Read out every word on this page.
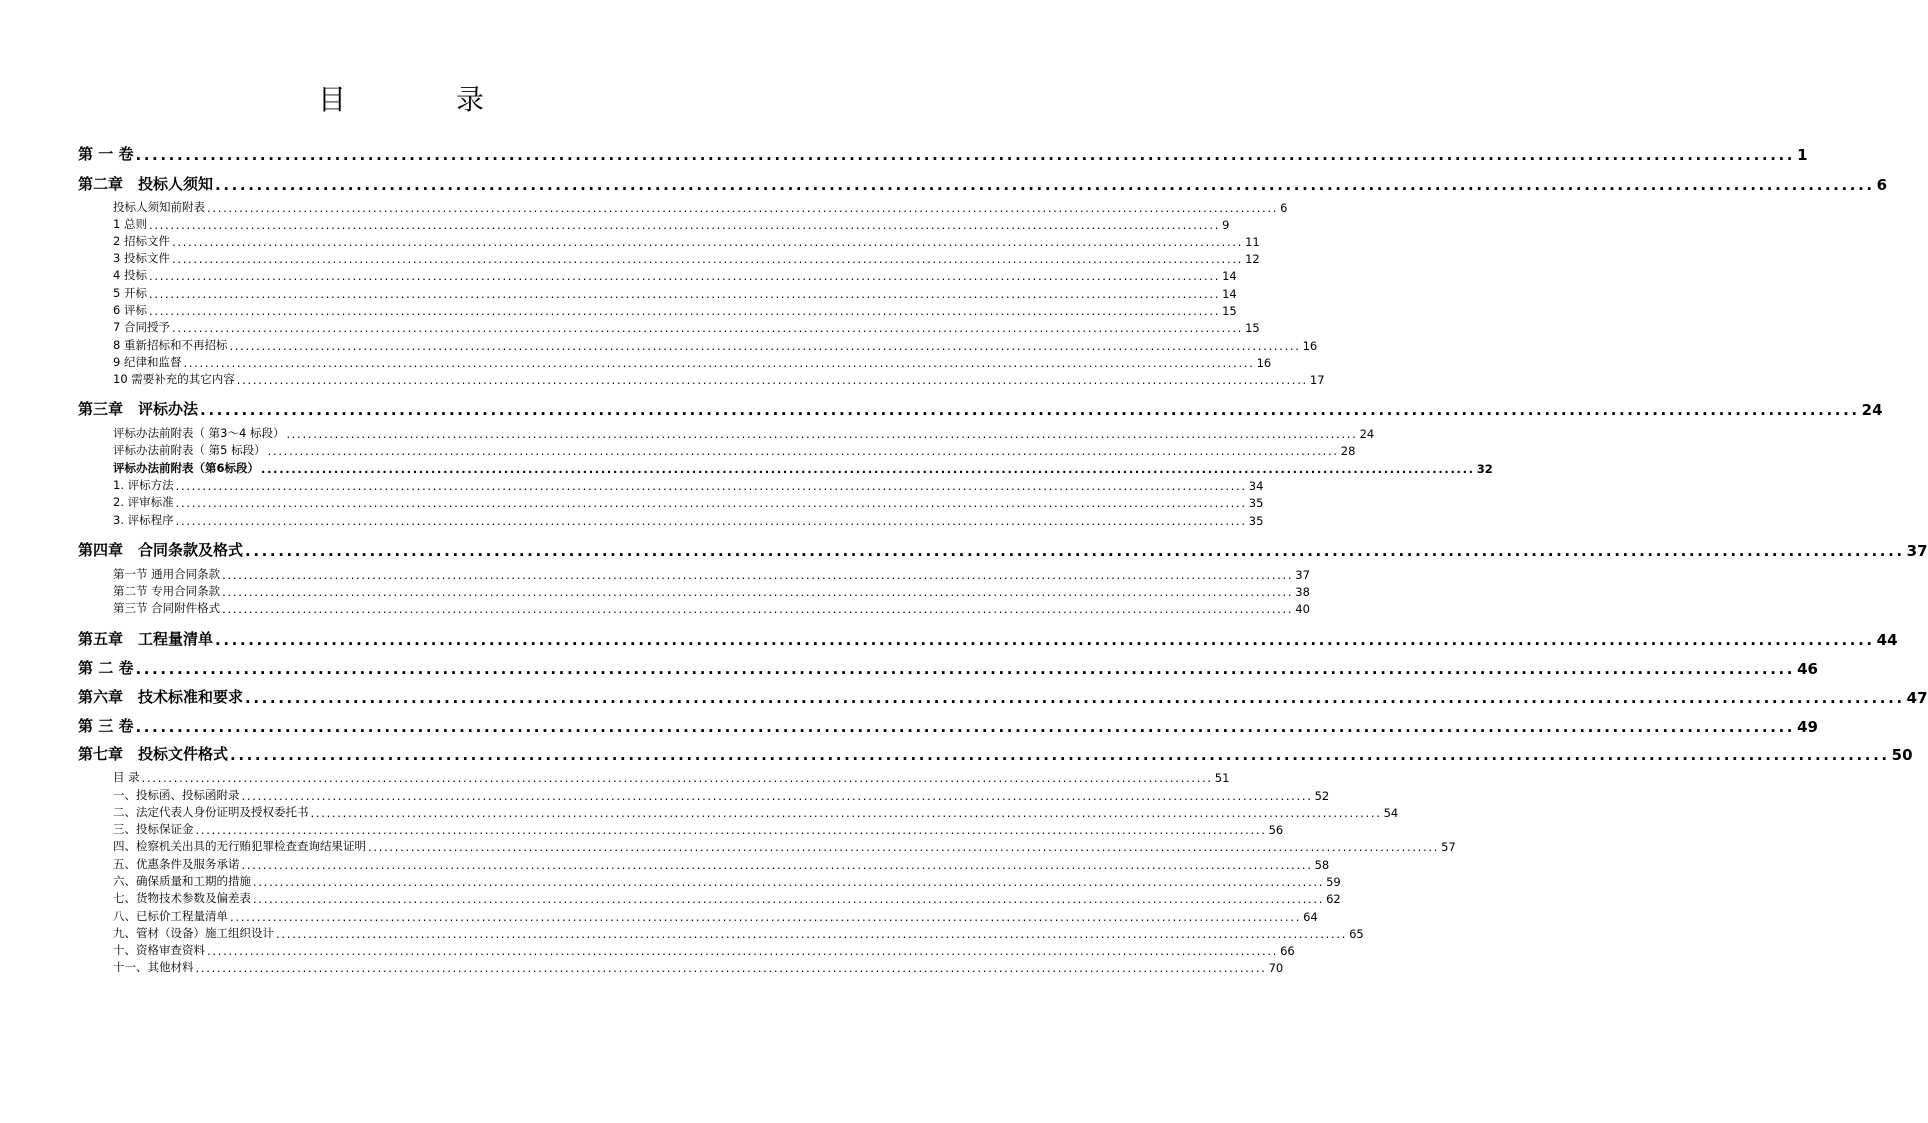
目	录
第 一 卷 ........................................................................................................................................................................................................ 1
第二章　投标人须知 ........................................................................................................................................................................................................ 6
投标人须知前附表 ........................................................................................................................................................................................................ 6
1 总则 ........................................................................................................................................................................................................ 9
2 招标文件 ........................................................................................................................................................................................................ 11
3 投标文件 ........................................................................................................................................................................................................ 12
4 投标 ........................................................................................................................................................................................................ 14
5 开标 ........................................................................................................................................................................................................ 14
6 评标 ........................................................................................................................................................................................................ 15
7 合同授予 ........................................................................................................................................................................................................ 15
8 重新招标和不再招标 ........................................................................................................................................................................................................ 16
9 纪律和监督 ........................................................................................................................................................................................................ 16
10 需要补充的其它内容 ........................................................................................................................................................................................................ 17
第三章　评标办法 ........................................................................................................................................................................................................ 24
评标办法前附表（ 第3～4 标段） ........................................................................................................................................................................................................ 24
评标办法前附表（ 第5 标段） ........................................................................................................................................................................................................ 28
评标办法前附表（第6标段） ........................................................................................................................................................................................................ 32
1. 评标方法 ........................................................................................................................................................................................................ 34
2. 评审标准 ........................................................................................................................................................................................................ 35
3. 评标程序 ........................................................................................................................................................................................................ 35
第四章　合同条款及格式 ........................................................................................................................................................................................................ 37
第一节 通用合同条款 ........................................................................................................................................................................................................ 37
第二节 专用合同条款 ........................................................................................................................................................................................................ 38
第三节 合同附件格式 ........................................................................................................................................................................................................ 40
第五章　工程量清单 ........................................................................................................................................................................................................ 44
第 二 卷 ........................................................................................................................................................................................................ 46
第六章　技术标准和要求 ........................................................................................................................................................................................................ 47
第 三 卷 ........................................................................................................................................................................................................ 49
第七章　投标文件格式 ........................................................................................................................................................................................................ 50
目 录 ........................................................................................................................................................................................................ 51
一、投标函、投标函附录 ........................................................................................................................................................................................................ 52
二、法定代表人身份证明及授权委托书 ........................................................................................................................................................................................................ 54
三、投标保证金 ........................................................................................................................................................................................................ 56
四、检察机关出具的无行贿犯罪检查查询结果证明 ........................................................................................................................................................................................................ 57
五、优惠条件及服务承诺 ........................................................................................................................................................................................................ 58
六、确保质量和工期的措施 ........................................................................................................................................................................................................ 59
七、货物技术参数及偏差表 ........................................................................................................................................................................................................ 62
八、已标价工程量清单 ........................................................................................................................................................................................................ 64
九、管材（设备）施工组织设计 ........................................................................................................................................................................................................ 65
十、资格审查资料 ........................................................................................................................................................................................................ 66
十一、其他材料 ........................................................................................................................................................................................................ 70
